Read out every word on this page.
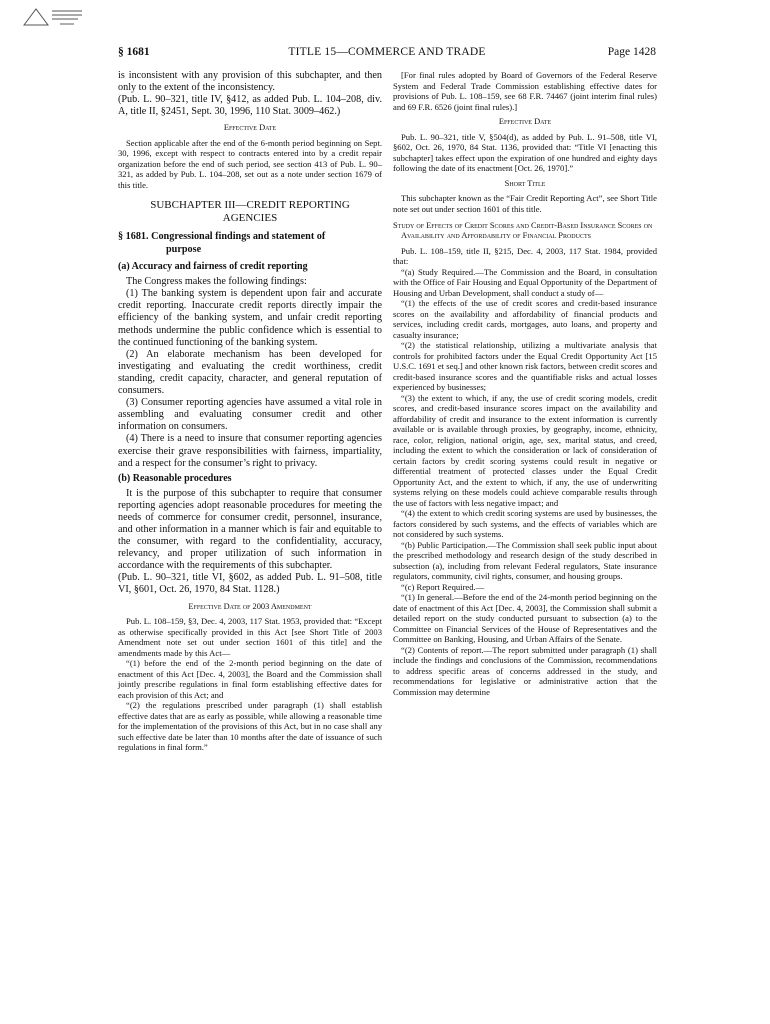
§ 1681	TITLE 15—COMMERCE AND TRADE	Page 1428

is inconsistent with any provision of this subchapter, and then only to the extent of the inconsistency.

(Pub. L. 90–321, title IV, §412, as added Pub. L. 104–208, div. A, title II, §2451, Sept. 30, 1996, 110 Stat. 3009–462.)

Effective Date

Section applicable after the end of the 6-month period beginning on Sept. 30, 1996, except with respect to contracts entered into by a credit repair organization before the end of such period, see section 413 of Pub. L. 90–321, as added by Pub. L. 104–208, set out as a note under section 1679 of this title.

SUBCHAPTER III—CREDIT REPORTING
AGENCIES
§ 1681. Congressional findings and statement of
purpose
(a) Accuracy and fairness of credit reporting

The Congress makes the following findings:

(1) The banking system is dependent upon fair and accurate credit reporting. Inaccurate credit reports directly impair the efficiency of the banking system, and unfair credit reporting methods undermine the public confidence which is essential to the continued functioning of the banking system.

(2) An elaborate mechanism has been developed for investigating and evaluating the credit worthiness, credit standing, credit capacity, character, and general reputation of consumers.

(3) Consumer reporting agencies have assumed a vital role in assembling and evaluating consumer credit and other information on consumers.

(4) There is a need to insure that consumer reporting agencies exercise their grave responsibilities with fairness, impartiality, and a respect for the consumer’s right to privacy.

(b) Reasonable procedures

It is the purpose of this subchapter to require that consumer reporting agencies adopt reasonable procedures for meeting the needs of commerce for consumer credit, personnel, insurance, and other information in a manner which is fair and equitable to the consumer, with regard to the confidentiality, accuracy, relevancy, and proper utilization of such information in accordance with the requirements of this subchapter.

(Pub. L. 90–321, title VI, §602, as added Pub. L. 91–508, title VI, §601, Oct. 26, 1970, 84 Stat. 1128.)

Effective Date of 2003 Amendment

Pub. L. 108–159, §3, Dec. 4, 2003, 117 Stat. 1953, provided that: “Except as otherwise specifically provided in this Act [see Short Title of 2003 Amendment note set out under section 1601 of this title] and the amendments made by this Act—

“(1) before the end of the 2-month period beginning on the date of enactment of this Act [Dec. 4, 2003], the Board and the Commission shall jointly prescribe regulations in final form establishing effective dates for each provision of this Act; and

“(2) the regulations prescribed under paragraph (1) shall establish effective dates that are as early as possible, while allowing a reasonable time for the implementation of the provisions of this Act, but in no case shall any such effective date be later than 10 months after the date of issuance of such regulations in final form.”

[For final rules adopted by Board of Governors of the Federal Reserve System and Federal Trade Commission establishing effective dates for provisions of Pub. L. 108–159, see 68 F.R. 74467 (joint interim final rules) and 69 F.R. 6526 (joint final rules).]

Effective Date

Pub. L. 90–321, title V, §504(d), as added by Pub. L. 91–508, title VI, §602, Oct. 26, 1970, 84 Stat. 1136, provided that: “Title VI [enacting this subchapter] takes effect upon the expiration of one hundred and eighty days following the date of its enactment [Oct. 26, 1970].”

Short Title

This subchapter known as the “Fair Credit Reporting Act”, see Short Title note set out under section 1601 of this title.

Study of Effects of Credit Scores and Credit-Based Insurance Scores on Availability and Affordability of Financial Products

Pub. L. 108–159, title II, §215, Dec. 4, 2003, 117 Stat. 1984, provided that:

“(a) Study Required.—The Commission and the Board, in consultation with the Office of Fair Housing and Equal Opportunity of the Department of Housing and Urban Development, shall conduct a study of—

“(1) the effects of the use of credit scores and credit-based insurance scores on the availability and affordability of financial products and services, including credit cards, mortgages, auto loans, and property and casualty insurance;

“(2) the statistical relationship, utilizing a multivariate analysis that controls for prohibited factors under the Equal Credit Opportunity Act [15 U.S.C. 1691 et seq.] and other known risk factors, between credit scores and credit-based insurance scores and the quantifiable risks and actual losses experienced by businesses;

“(3) the extent to which, if any, the use of credit scoring models, credit scores, and credit-based insurance scores impact on the availability and affordability of credit and insurance to the extent information is currently available or is available through proxies, by geography, income, ethnicity, race, color, religion, national origin, age, sex, marital status, and creed, including the extent to which the consideration or lack of consideration of certain factors by credit scoring systems could result in negative or differential treatment of protected classes under the Equal Credit Opportunity Act, and the extent to which, if any, the use of underwriting systems relying on these models could achieve comparable results through the use of factors with less negative impact; and

“(4) the extent to which credit scoring systems are used by businesses, the factors considered by such systems, and the effects of variables which are not considered by such systems.

“(b) Public Participation.—The Commission shall seek public input about the prescribed methodology and research design of the study described in subsection (a), including from relevant Federal regulators, State insurance regulators, community, civil rights, consumer, and housing groups.

“(c) Report Required.—

“(1) In general.—Before the end of the 24-month period beginning on the date of enactment of this Act [Dec. 4, 2003], the Commission shall submit a detailed report on the study conducted pursuant to subsection (a) to the Committee on Financial Services of the House of Representatives and the Committee on Banking, Housing, and Urban Affairs of the Senate.

“(2) Contents of report.—The report submitted under paragraph (1) shall include the findings and conclusions of the Commission, recommendations to address specific areas of concerns addressed in the study, and recommendations for legislative or administrative action that the Commission may determine
